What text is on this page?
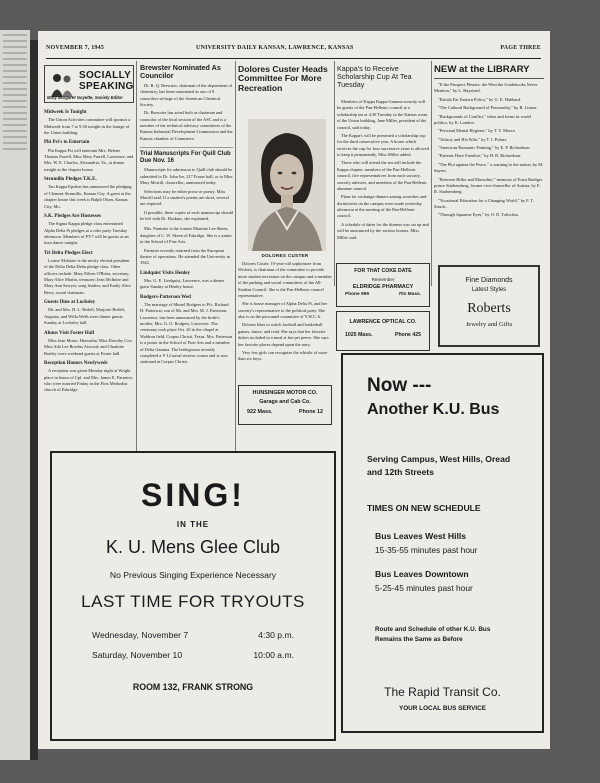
NOVEMBER 7, 1945	UNIVERSITY DAILY KANSAN, LAWRENCE, KANSAS	PAGE THREE
SOCIALLY
SPEAKING
Mary Margaret Goyette, Society Editor
Midweek Is Tonight

The Union Activities committee will sponsor a Midweek from 7 to 9:30 tonight in the lounge of the Union building.

Phi Psi's to Entertain

Phi Kappa Psi will entertain Mrs. Helene Thomas Farrell, Miss Mary Farrell, Lawrence; and Mrs. W. E. Charles, Alexandria, Va., at dinner tonight at the chapter house.

Strumillo Pledges T.K.E.

Tau Kappa Epsilon has announced the pledging of Clement Strumillo, Kansas City. A guest at the chapter house this week is Ralph Olsen, Kansas City, Mo.

S.K. Pledges Are Hostesses

The Sigma Kappa pledge class entertained Alpha Delta Pi pledges at a coke party Tuesday afternoon. Members of PT-7 will be guests at an hour dance tonight.

Tri Delta Pledges Elect

Louise McIntire is the newly elected president of the Delta Delta Delta pledge class. Other officers include: Mary Eileen O'Brien, secretary; Mary Alice Martin, treasurer; Jean McIntire and Mary Ann Sawyer, song leaders; and Emily Alice Berry, social chairman.

Guests Dine at Locksley

Mr. and Mrs. H. L. Bedell, Marjorie Bedell, Augusta, and Willa Wells were dinner guests Sunday at Locksley hall.

Alums Visit Foster Hall

Miss Jean Moser, Hiawatha; Miss Dorothy Cox, Miss Ada Lee Bowlus Atwood; and Charlotte Bartley were weekend guests at Foster hall.

Reception Honors Newlyweds

A reception was given Monday night at Wright place in honor of Cpl. and Mrs. James E. Parmiter, who were married Friday in the First Methodist church of Eskridge.

Brewster Nominated As Councilor

Dr. R. Q. Brewster, chairman of the department of chemistry, has been nominated as one of 8 councilors-at-large of the American Chemical Society.

Dr. Brewster has acted both as chairman and councilor of the local section of the ASC and is a member of the technical advisory committees of the Kansas Industrial Development Commission and the Kansas chamber of Commerce.

Trial Manuscripts For Quill Club Due Nov. 16

Manuscripts for admission to Quill club should be submitted to Dr. John Ise, 217 Fraser hall, or to Miss Mary Morrill, chancellor, announced today.

Selections may be either prose or poetry, Miss Morrill said. If a student's poems are short, several are required.

If possible, three copies of each manuscript should be left with Dr. Hoskins, she explained.

Mrs. Parmiter is the former Maurine Lee Skeen, daughter of C. W. Skeen of Eskridge. She is a junior in the School of Fine Arts.

Parmiter recently returned from the European theater of operations. He attended the University in 1942.

Lindquist Visits Henley

Mrs. G. E. Lindquist, Lawrence, was a dinner guest Sunday at Henley house.

Rodgers-Patterson Wed

The marriage of Muriel Rodgers to Pfc. Richard H. Patterson, son of Mr. and Mrs. M. J. Patterson, Lawrence, has been announced by the bride's mother, Mrs. G. O. Rodgers, Lawrence. The ceremony took place Oct. 20 in the chapel at Waldron field, Corpus Christi, Texas. Mrs. Patterson is a junior in the School of Fine Arts and a member of Delta Gamma. The bridegroom recently completed a V-12 naval reserve course and is now stationed at Corpus Christi.

Dolores Custer Heads Committee For More Recreation
DOLORES CUSTER

Dolores Custer, 19-year-old sophomore from Wichita, is chairman of the committee to provide more student recreation on the campus and a member of the parking and social committees of the All-Student Council. She is the Pan-Hellenic council representative.

She is house manager of Alpha Delta Pi, and her sorority's representative to the political party. She also is on the personnel committee of Y.W.C.A.

Dolores likes to watch football and basketball games, dance, and read. She says that her favorite dishes included in a meal at her pet peeve. She says her favorite places depend upon the navy.

Very few girls can recognize the whistle of more than six boys.

HUNSINGER MOTOR CO.
Garage and Cab Co.
922 Mass.	Phone 12
Kappa's to Receive Scholarship Cup At Tea Tuesday

Members of Kappa Kappa Gamma sorority will be guests of the Pan-Hellenic council at a scholarship tea at 4:30 Tuesday in the Kansas room of the Union building, Jane Miller, president of the council, said today.

The Kappa's will be presented a scholarship cup for the third consecutive year. A house which receives the cup for four successive years is allowed to keep it permanently, Miss Miller added.

Those who will attend the tea will include the Kappa chapter, members of the Pan-Hellenic council, five representatives from each sorority, sorority advisers, and members of the Pan-Hellenic alumnae council.

Plans for exchange dinners among sororities and dormitories on the campus were made yesterday afternoon at the meeting of the Pan-Hellenic council.

A schedule of dates for the dinners was set up and will be announced by the various houses, Miss Miller said.

FOR THAT COKE DATE
Remember
ELDRIDGE PHARMACY
Phone 999	701 Mass.
LAWRENCE OPTICAL CO.
1025 Mass.	Phone 425
NEW at the LIBRARY

"If the Prospect Pleases: the West the Guidebooks Never Mention," by L. Haystead.

"British Far Eastern Policy," by G. E. Hubbard.

"The Cultural Background of Personality," by R. Linton.

"Backgrounds of Conflict," ideas and forms in world politics, by K. London.

"Personal Mental Hygiene," by T. V. Moore.

"Tolstoy and His Wife," by T. I. Polner.

"American Romantic Painting," by E. P. Richardson.

"Patients Have Families," by H. B. Richardson.

"The Plot against the Peace," a warning to the nation, by M. Sayers.

"Between Hitler and Mussolini," memoirs of Ernst Rudiger prince Starhemberg, former vice-chancellor of Austria, by E. R. Starhemberg.

"Vocational Education for a Changing World," by F. T. Struck.

"Through Japanese Eyes," by O. D. Tolischus.

Fine Diamonds
Latest Styles
Roberts
Jewelry and Gifts
SING!
IN THE
K. U. Mens Glee Club
No Previous Singing Experience Necessary
LAST TIME FOR TRYOUTS
Wednesday, November 7	4:30 p.m.
Saturday, November 10	10:00 a.m.
ROOM 132, FRANK STRONG
Now ---
Another K.U. Bus
Serving Campus, West Hills, Oread and 12th Streets
TIMES ON NEW SCHEDULE
Bus Leaves West Hills
15-35-55 minutes past hour
Bus Leaves Downtown
5-25-45 minutes past hour
Route and Schedule of other K.U. Bus Remains the Same as Before
The Rapid Transit Co.
YOUR LOCAL BUS SERVICE
